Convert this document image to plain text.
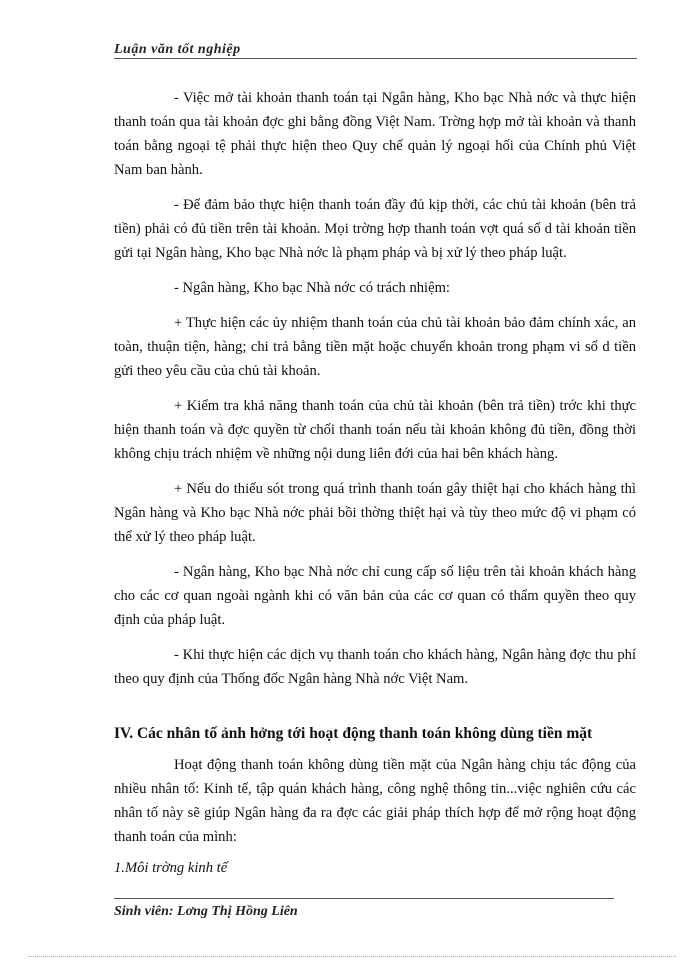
Luận văn tốt nghiệp

- Việc mở tài khoản thanh toán tại Ngân hàng, Kho bạc Nhà nớc và thực hiện thanh toán qua tài khoản đợc ghi bằng đồng Việt Nam. Trờng hợp mở tài khoản và thanh toán bằng ngoại tệ phải thực hiện theo Quy chế quản lý ngoại hối của Chính phủ Việt Nam ban hành.

- Để đảm bảo thực hiện thanh toán đầy đủ kịp thời, các chủ tài khoản (bên trả tiền) phải có đủ tiền trên tài khoản. Mọi trờng hợp thanh toán vợt quá số d tài khoản tiền gửi tại Ngân hàng, Kho bạc Nhà nớc là phạm pháp và bị xử lý theo pháp luật.

- Ngân hàng, Kho bạc Nhà nớc có trách nhiệm:

+ Thực hiện các ủy nhiệm thanh toán của chủ tài khoản bảo đảm chính xác, an toàn, thuận tiện, hàng; chi trả bằng tiền mặt hoặc chuyển khoản trong phạm vi số d tiền gửi theo yêu cầu của chủ tài khoản.

+ Kiểm tra khả năng thanh toán của chủ tài khoản (bên trả tiền) trớc khi thực hiện thanh toán và đợc quyền từ chối thanh toán nếu tài khoản không đủ tiền, đồng thời không chịu trách nhiệm về những nội dung liên đới của hai bên khách hàng.

+ Nếu do thiếu sót trong quá trình thanh toán gây thiệt hại cho khách hàng thì Ngân hàng và Kho bạc Nhà nớc phải bồi thờng thiệt hại và tùy theo mức độ vi phạm có thể xử lý theo pháp luật.

- Ngân hàng, Kho bạc Nhà nớc chỉ cung cấp số liệu trên tài khoản khách hàng cho các cơ quan ngoài ngành khi có văn bản của các cơ quan có thẩm quyền theo quy định của pháp luật.

- Khi thực hiện các dịch vụ thanh toán cho khách hàng, Ngân hàng đợc thu phí theo quy định của Thống đốc Ngân hàng Nhà nớc Việt Nam.

IV. Các nhân tố ảnh hởng tới hoạt động thanh toán không dùng tiền mặt

Hoạt động thanh toán không dùng tiền mặt của Ngân hàng chịu tác động của nhiều nhân tố: Kinh tế, tập quán khách hàng, công nghệ thông tin...việc nghiên cứu các nhân tố này sẽ giúp Ngân hàng đa ra đợc các giải pháp thích hợp để mở rộng hoạt động thanh toán của mình:

1.Môi trờng kinh tế
Sinh viên: Lơng Thị Hồng Liên
